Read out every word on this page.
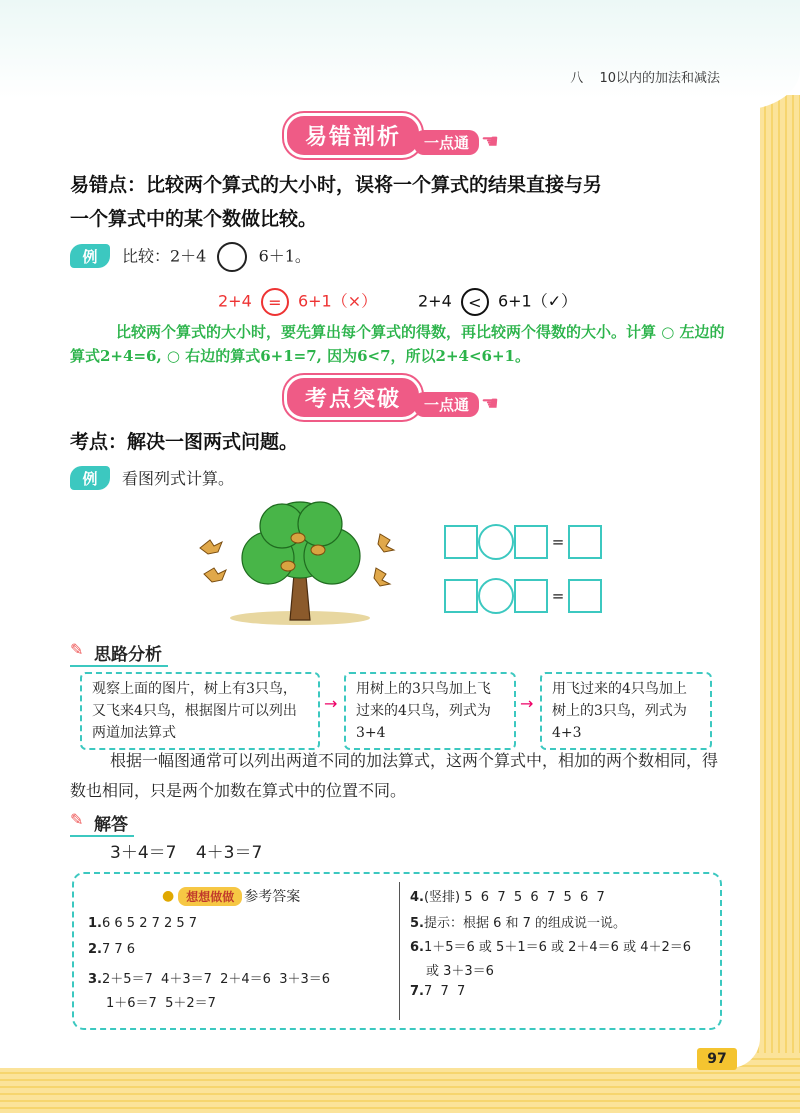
八 10以内的加法和减法
易错剖析	一点通 ☚
易错点：比较两个算式的大小时，误将一个算式的结果直接与另
一个算式中的某个数做比较。
例	比较：2＋4	6＋1。
2+4 = 6+1（×）	2+4 < 6+1（✓）
比较两个算式的大小时，要先算出每个算式的得数，再比较两个得数的大小。计算 ○ 左边的算式2+4=6, ○ 右边的算式6+1=7, 因为6<7，所以2+4<6+1。
考点突破	一点通 ☚
考点：解决一图两式问题。
例	看图列式计算。
=
=
✎ 思路分析
观察上面的图片，树上有3只鸟，又飞来4只鸟，根据图片可以列出两道加法算式
→
用树上的3只鸟加上飞过来的4只鸟，列式为3+4
→
用飞过来的4只鸟加上树上的3只鸟，列式为4+3
根据一幅图通常可以列出两道不同的加法算式，这两个算式中，相加的两个数相同，得数也相同，只是两个加数在算式中的位置不同。
✎ 解答
3＋4＝7 4＋3＝7
●	想想做做 参考答案
1.6 6 5 2 7 2 5 7
2.7 7 6
3.2＋5＝7  4＋3＝7  2＋4＝6  3＋3＝6
1＋6＝7  5＋2＝7
4.(竖排) 5  6  7  5  6  7  5  6  7
5.提示：根据 6 和 7 的组成说一说。
6.1＋5＝6 或 5＋1＝6 或 2＋4＝6 或 4＋2＝6
或 3＋3＝6
7.7  7  7
97
